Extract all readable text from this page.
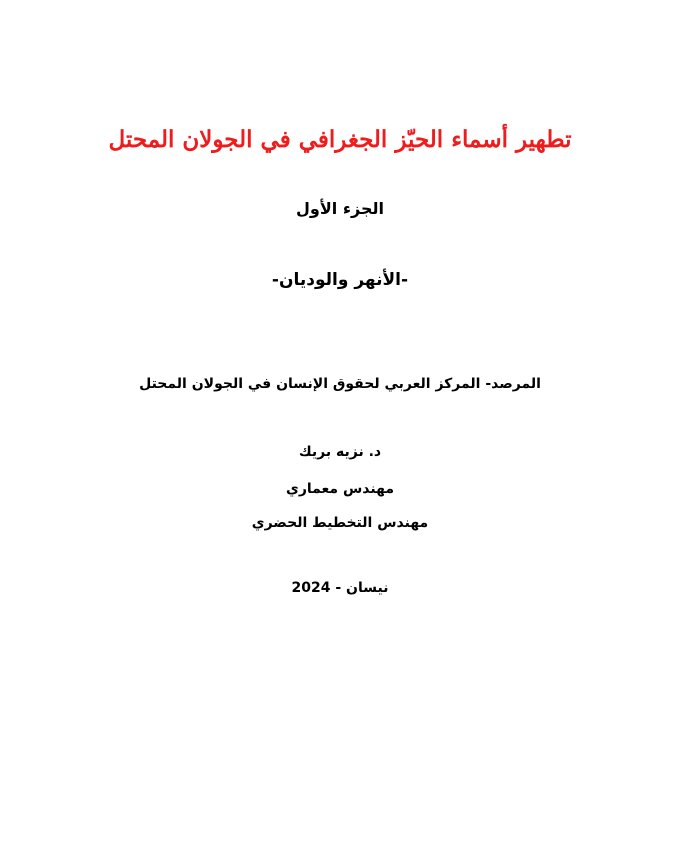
تطهير أسماء الحيّز الجغرافي في الجولان المحتل
الجزء الأول
-الأنهر والوديان-
المرصد- المركز العربي لحقوق الإنسان في الجولان المحتل
د. نزيه بريك
مهندس معماري
مهندس التخطيط الحضري
نيسان - 2024
